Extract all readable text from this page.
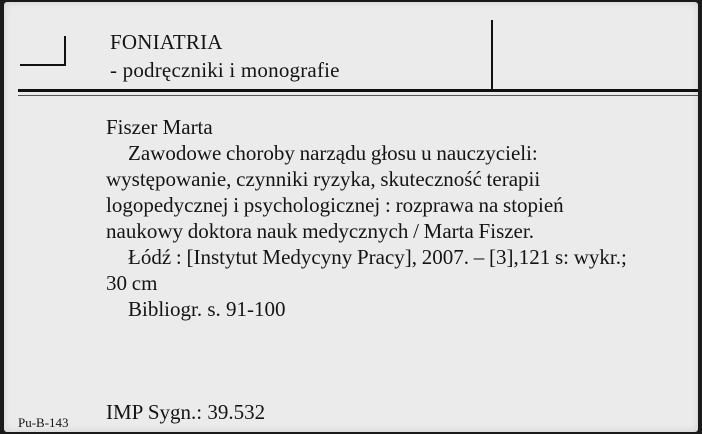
FONIATRIA
- podręczniki i monografie

Fiszer Marta

Zawodowe choroby narządu głosu u nauczycieli: występowanie, czynniki ryzyka, skuteczność terapii logopedycznej i psychologicznej : rozprawa na stopień naukowy doktora nauk medycznych / Marta Fiszer.

Łódź : [Instytut Medycyny Pracy], 2007. – [3],121 s: wykr.; 30 cm

Bibliogr. s. 91-100

Pu-B-143 IMP Sygn.: 39.532
